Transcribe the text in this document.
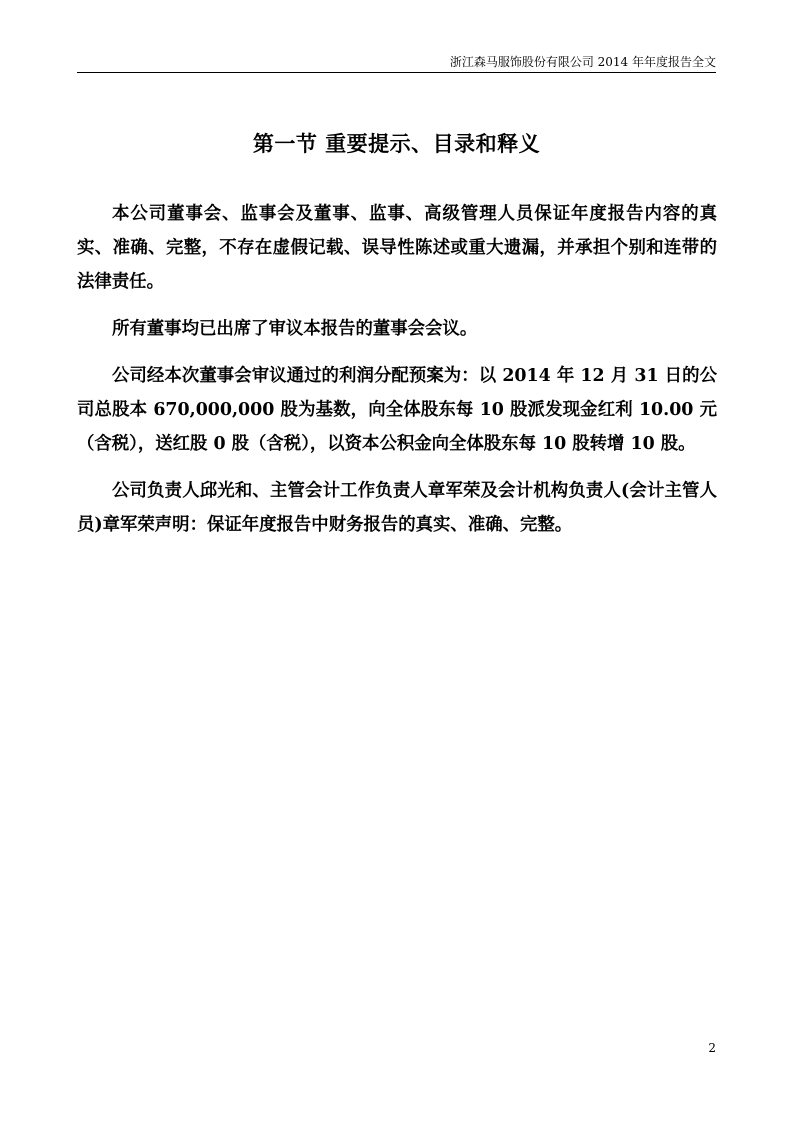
浙江森马服饰股份有限公司 2014 年年度报告全文
第一节 重要提示、目录和释义

本公司董事会、监事会及董事、监事、高级管理人员保证年度报告内容的真实、准确、完整，不存在虚假记载、误导性陈述或重大遗漏，并承担个别和连带的法律责任。

所有董事均已出席了审议本报告的董事会会议。

公司经本次董事会审议通过的利润分配预案为：以 2014 年 12 月 31 日的公司总股本 670,000,000 股为基数，向全体股东每 10 股派发现金红利 10.00 元（含税），送红股 0 股（含税），以资本公积金向全体股东每 10 股转增 10 股。

公司负责人邱光和、主管会计工作负责人章军荣及会计机构负责人(会计主管人员)章军荣声明：保证年度报告中财务报告的真实、准确、完整。

2
